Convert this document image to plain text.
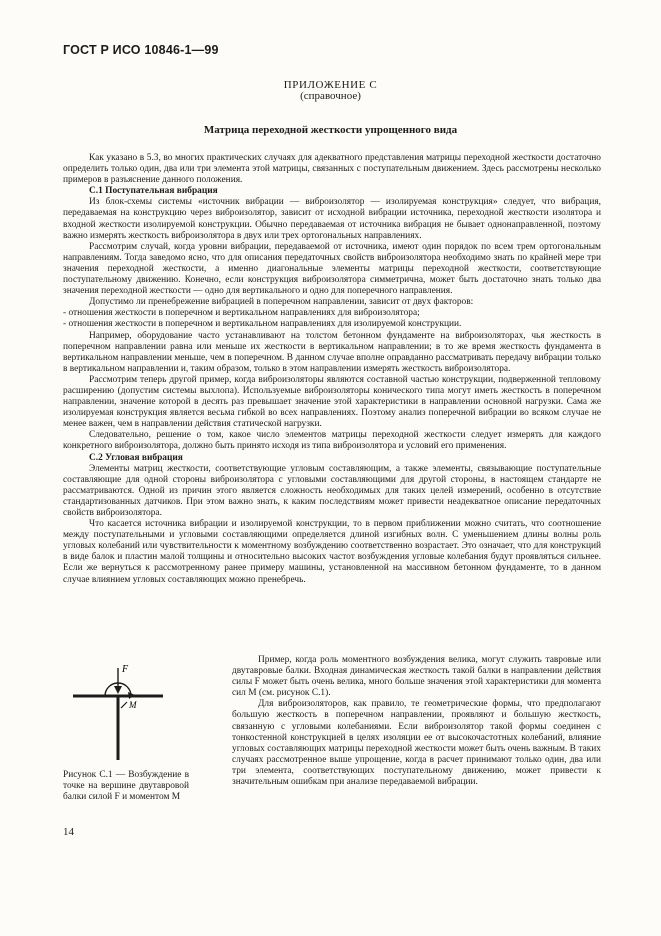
ГОСТ Р ИСО 10846-1—99
ПРИЛОЖЕНИЕ С
(справочное)
Матрица переходной жесткости упрощенного вида

Как указано в 5.3, во многих практических случаях для адекватного представления матрицы переходной жесткости достаточно определить только один, два или три элемента этой матрицы, связанных с поступательным движением. Здесь рассмотрены несколько примеров в разъяснение данного положения.

С.1 Поступательная вибрация

Из блок-схемы системы «источник вибрации — виброизолятор — изолируемая конструкция» следует, что вибрация, передаваемая на конструкцию через виброизолятор, зависит от исходной вибрации источника, переходной жесткости изолятора и входной жесткости изолируемой конструкции. Обычно передаваемая от источника вибрация не бывает однонаправленной, поэтому важно измерять жесткость виброизолятора в двух или трех ортогональных направлениях.

Рассмотрим случай, когда уровни вибрации, передаваемой от источника, имеют один порядок по всем трем ортогональным направлениям. Тогда заведомо ясно, что для описания передаточных свойств виброизолятора необходимо знать по крайней мере три значения переходной жесткости, а именно диагональные элементы матрицы переходной жесткости, соответствующие поступательному движению. Конечно, если конструкция виброизолятора симметрична, может быть достаточно знать только два значения переходной жесткости — одно для вертикального и одно для поперечного направления.

Допустимо ли пренебрежение вибрацией в поперечном направлении, зависит от двух факторов:

- отношения жесткости в поперечном и вертикальном направлениях для виброизолятора;

- отношения жесткости в поперечном и вертикальном направлениях для изолируемой конструкции.

Например, оборудование часто устанавливают на толстом бетонном фундаменте на виброизоляторах, чья жесткость в поперечном направлении равна или меньше их жесткости в вертикальном направлении; в то же время жесткость фундамента в вертикальном направлении меньше, чем в поперечном. В данном случае вполне оправданно рассматривать передачу вибрации только в вертикальном направлении и, таким образом, только в этом направлении измерять жесткость виброизолятора.

Рассмотрим теперь другой пример, когда виброизоляторы являются составной частью конструкции, подверженной тепловому расширению (допустим системы выхлопа). Используемые виброизоляторы конического типа могут иметь жесткость в поперечном направлении, значение которой в десять раз превышает значение этой характеристики в направлении основной нагрузки. Сама же изолируемая конструкция является весьма гибкой во всех направлениях. Поэтому анализ поперечной вибрации во всяком случае не менее важен, чем в направлении действия статической нагрузки.

Следовательно, решение о том, какое число элементов матрицы переходной жесткости следует измерять для каждого конкретного виброизолятора, должно быть принято исходя из типа виброизолятора и условий его применения.

С.2 Угловая вибрация

Элементы матриц жесткости, соответствующие угловым составляющим, а также элементы, связывающие поступательные составляющие для одной стороны виброизолятора с угловыми составляющими для другой стороны, в настоящем стандарте не рассматриваются. Одной из причин этого является сложность необходимых для таких целей измерений, особенно в отсутствие стандартизованных датчиков. При этом важно знать, к каким последствиям может привести неадекватное описание передаточных свойств виброизолятора.

Что касается источника вибрации и изолируемой конструкции, то в первом приближении можно считать, что соотношение между поступательными и угловыми составляющими определяется длиной изгибных волн. С уменьшением длины волны роль угловых колебаний или чувствительности к моментному возбуждению соответственно возрастает. Это означает, что для конструкций в виде балок и пластин малой толщины и относительно высоких частот возбуждения угловые колебания будут проявляться сильнее. Если же вернуться к рассмотренному ранее примеру машины, установленной на массивном бетонном фундаменте, то в данном случае влиянием угловых составляющих можно пренебречь.

F
M

Пример, когда роль моментного возбуждения велика, могут служить тавровые или двутавровые балки. Входная динамическая жесткость такой балки в направлении действия силы F может быть очень велика, много больше значения этой характеристики для момента сил M (см. рисунок С.1).

Для виброизоляторов, как правило, те геометрические формы, что предполагают большую жесткость в поперечном направлении, проявляют и большую жесткость, связанную с угловыми колебаниями. Если виброизолятор такой формы соединен с тонкостенной конструкцией в целях изоляции ее от высокочастотных колебаний, влияние угловых составляющих матрицы переходной жесткости может быть очень важным. В таких случаях рассмотренное выше упрощение, когда в расчет принимают только один, два или три элемента, соответствующих поступательному движению, может привести к значительным ошибкам при анализе передаваемой вибрации.

Рисунок С.1 — Возбуждение в точке на вершине двутавровой балки силой F и моментом M
14
